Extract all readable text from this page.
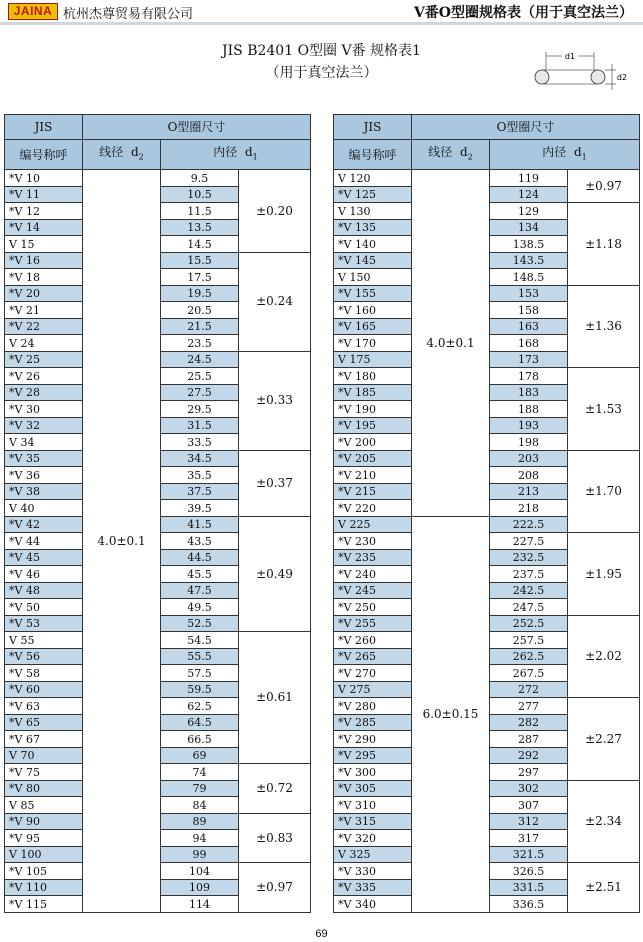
JAINA 杭州杰尊贸易有限公司	V番O型圈规格表（用于真空法兰）
JIS B2401 O型圈 V番 规格表1
（用于真空法兰）
d1
d2
JIS	O型圈尺寸		
编号称呼	线径 $d_2$	内径 $d_1$
*V 10	4.0±0.1	9.5	±0.20
*V 11		10.5	
*V 12		11.5	
*V 14		13.5	
V 15		14.5	
*V 16		15.5	±0.24
*V 18		17.5	
*V 20		19.5	
*V 21		20.5	
*V 22		21.5	
V 24		23.5	
*V 25		24.5	±0.33
*V 26		25.5	
*V 28		27.5	
*V 30		29.5	
*V 32		31.5	
V 34		33.5	
*V 35		34.5	±0.37
*V 36		35.5	
*V 38		37.5	
V 40		39.5	
*V 42		41.5	±0.49
*V 44		43.5	
*V 45		44.5	
*V 46		45.5	
*V 48		47.5	
*V 50		49.5	
*V 53		52.5	
V 55		54.5	±0.61
*V 56		55.5	
*V 58		57.5	
*V 60		59.5	
*V 63		62.5	
*V 65		64.5	
*V 67		66.5	
V 70		69	
*V 75		74	±0.72
*V 80		79	
V 85		84	
*V 90		89	±0.83
*V 95		94	
V 100		99	
*V 105		104	±0.97
*V 110		109	
*V 115		114	
JIS	O型圈尺寸		
编号称呼	线径 $d_2$	内径 $d_1$
V 120	4.0±0.1	119	±0.97
*V 125		124	
V 130		129	±1.18
*V 135		134	
*V 140		138.5	
*V 145		143.5	
V 150		148.5	
*V 155		153	±1.36
*V 160		158	
*V 165		163	
*V 170		168	
V 175		173	
*V 180		178	±1.53
*V 185		183	
*V 190		188	
*V 195		193	
*V 200		198	
*V 205		203	±1.70
*V 210		208	
*V 215		213	
*V 220		218	
V 225	6.0±0.15	222.5	
*V 230		227.5	±1.95
*V 235		232.5	
*V 240		237.5	
*V 245		242.5	
*V 250		247.5	
*V 255		252.5	±2.02
*V 260		257.5	
*V 265		262.5	
*V 270		267.5	
V 275		272	
*V 280		277	±2.27
*V 285		282	
*V 290		287	
*V 295		292	
*V 300		297	
*V 305		302	±2.34
*V 310		307	
*V 315		312	
*V 320		317	
V 325		321.5	
*V 330		326.5	±2.51
*V 335		331.5	
*V 340		336.5	
69
